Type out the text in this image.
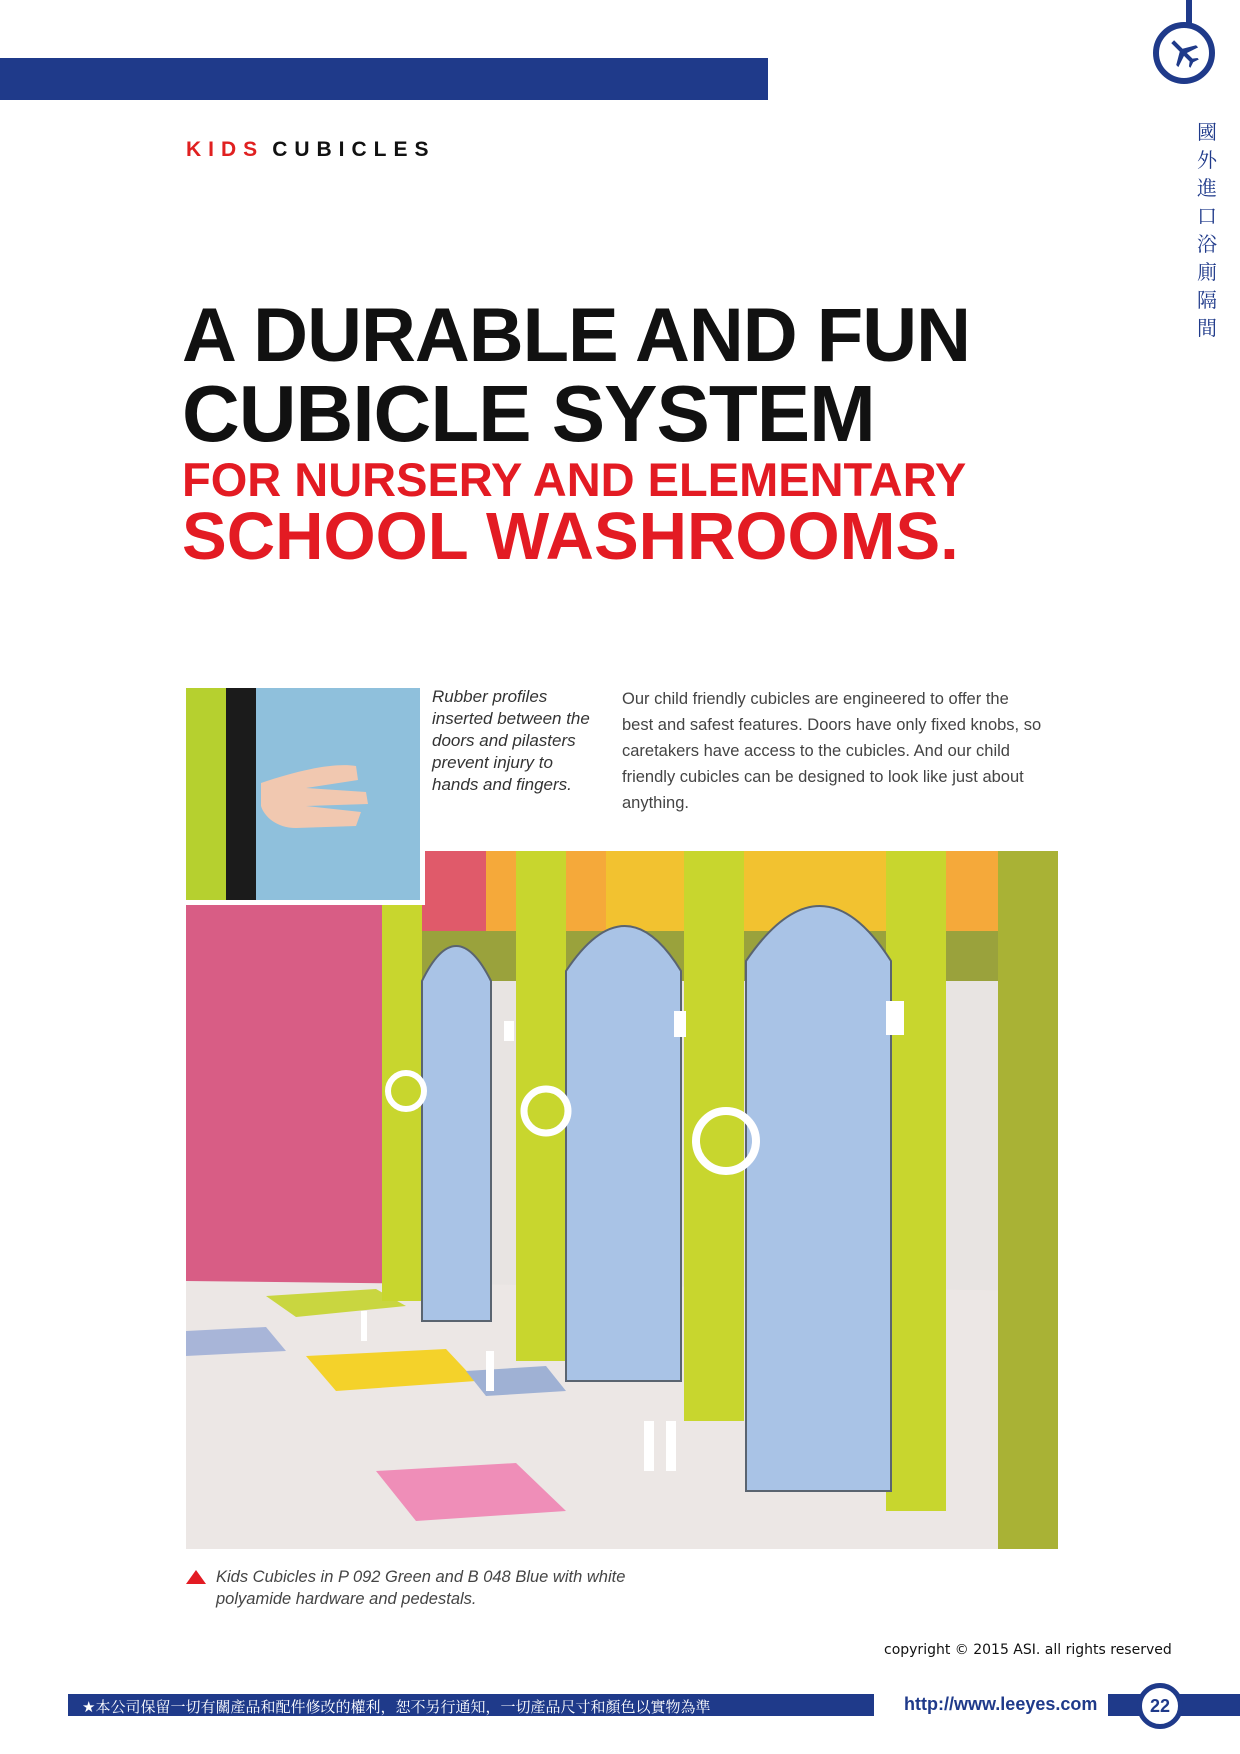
國
外
進
口
浴
廁
隔
間
KIDS CUBICLES
A DURABLE AND FUN
CUBICLE SYSTEM
FOR NURSERY AND ELEMENTARY
SCHOOL WASHROOMS.
Rubber profiles inserted between the doors and pilasters prevent injury to hands and fingers.
Our child friendly cubicles are engineered to offer the best and safest features. Doors have only fixed knobs, so caretakers have access to the cubicles. And our child friendly cubicles can be designed to look like just about anything.
Kids Cubicles in P 092 Green and B 048 Blue with white polyamide hardware and pedestals.
copyright © 2015 ASI. all rights reserved
★本公司保留一切有關產品和配件修改的權利，恕不另行通知，一切產品尺寸和顏色以實物為準	http://www.leeyes.com	22
